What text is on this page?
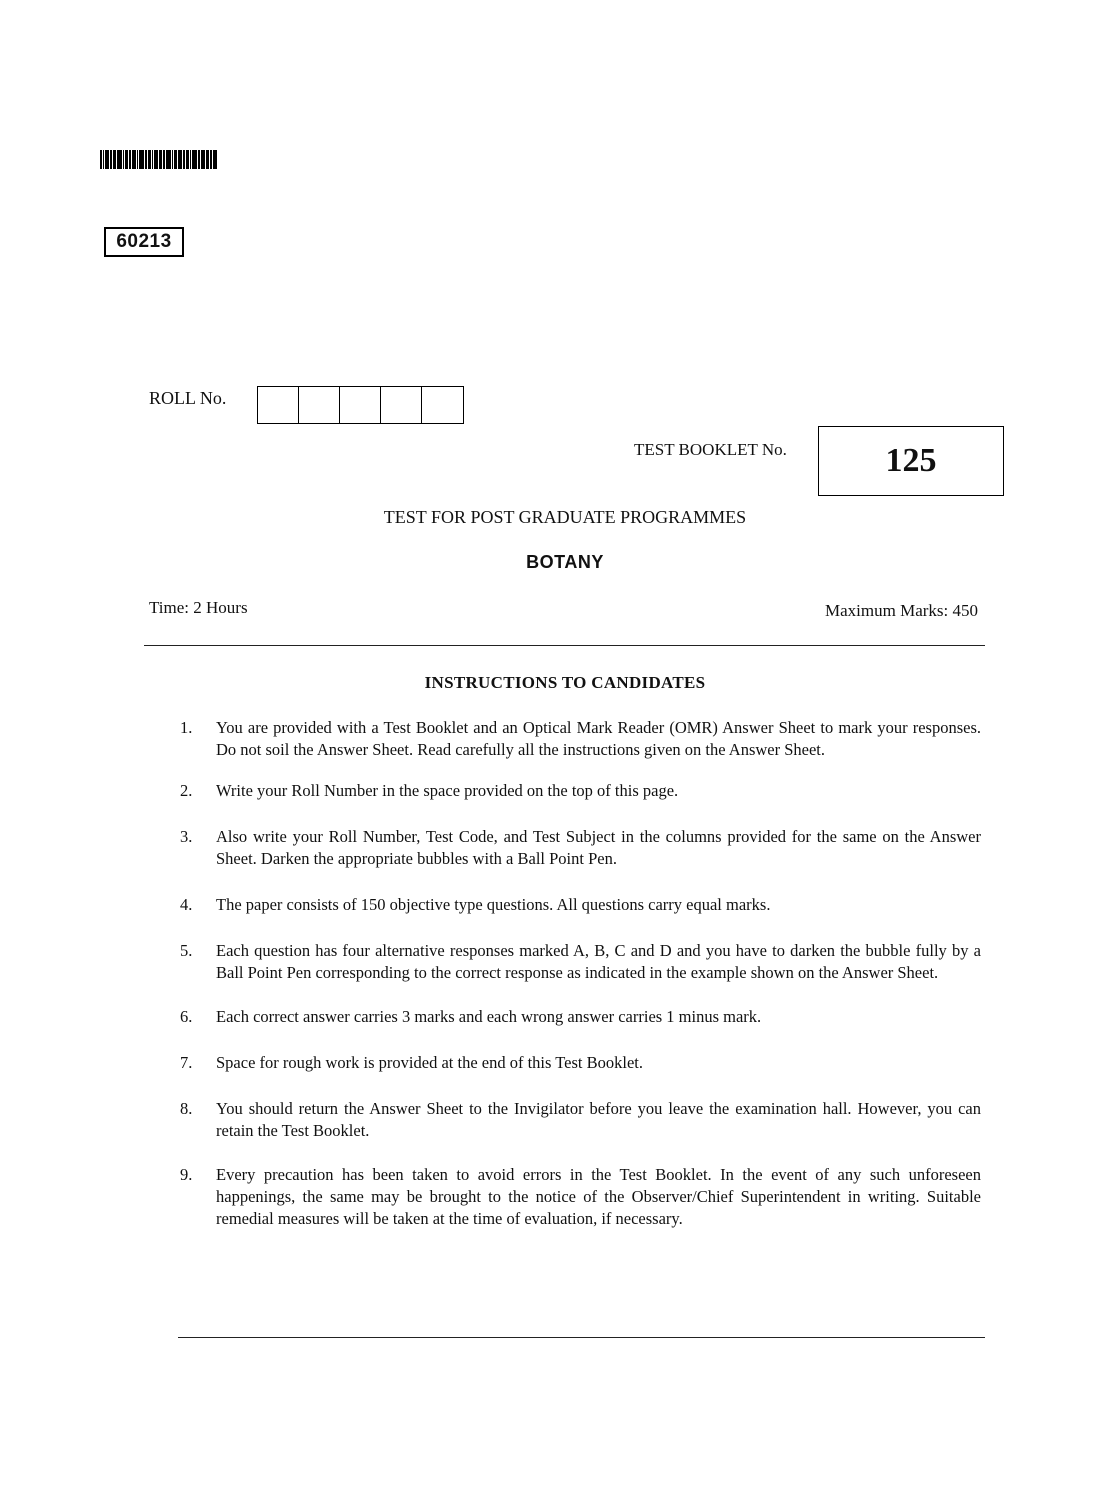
60213
ROLL No.
TEST BOOKLET No.	125
TEST FOR POST GRADUATE PROGRAMMES
BOTANY
Time: 2 Hours	Maximum Marks: 450
INSTRUCTIONS TO CANDIDATES
1.	You are provided with a Test Booklet and an Optical Mark Reader (OMR) Answer Sheet to mark your responses. Do not soil the Answer Sheet. Read carefully all the instructions given on the Answer Sheet.
2.	Write your Roll Number in the space provided on the top of this page.
3.	Also write your Roll Number, Test Code, and Test Subject in the columns provided for the same on the Answer Sheet. Darken the appropriate bubbles with a Ball Point Pen.
4.	The paper consists of 150 objective type questions. All questions carry equal marks.
5.	Each question has four alternative responses marked A, B, C and D and you have to darken the bubble fully by a Ball Point Pen corresponding to the correct response as indicated in the example shown on the Answer Sheet.
6.	Each correct answer carries 3 marks and each wrong answer carries 1 minus mark.
7.	Space for rough work is provided at the end of this Test Booklet.
8.	You should return the Answer Sheet to the Invigilator before you leave the examination hall. However, you can retain the Test Booklet.
9.	Every precaution has been taken to avoid errors in the Test Booklet. In the event of any such unforeseen happenings, the same may be brought to the notice of the Observer/Chief Superintendent in writing. Suitable remedial measures will be taken at the time of evaluation, if necessary.
